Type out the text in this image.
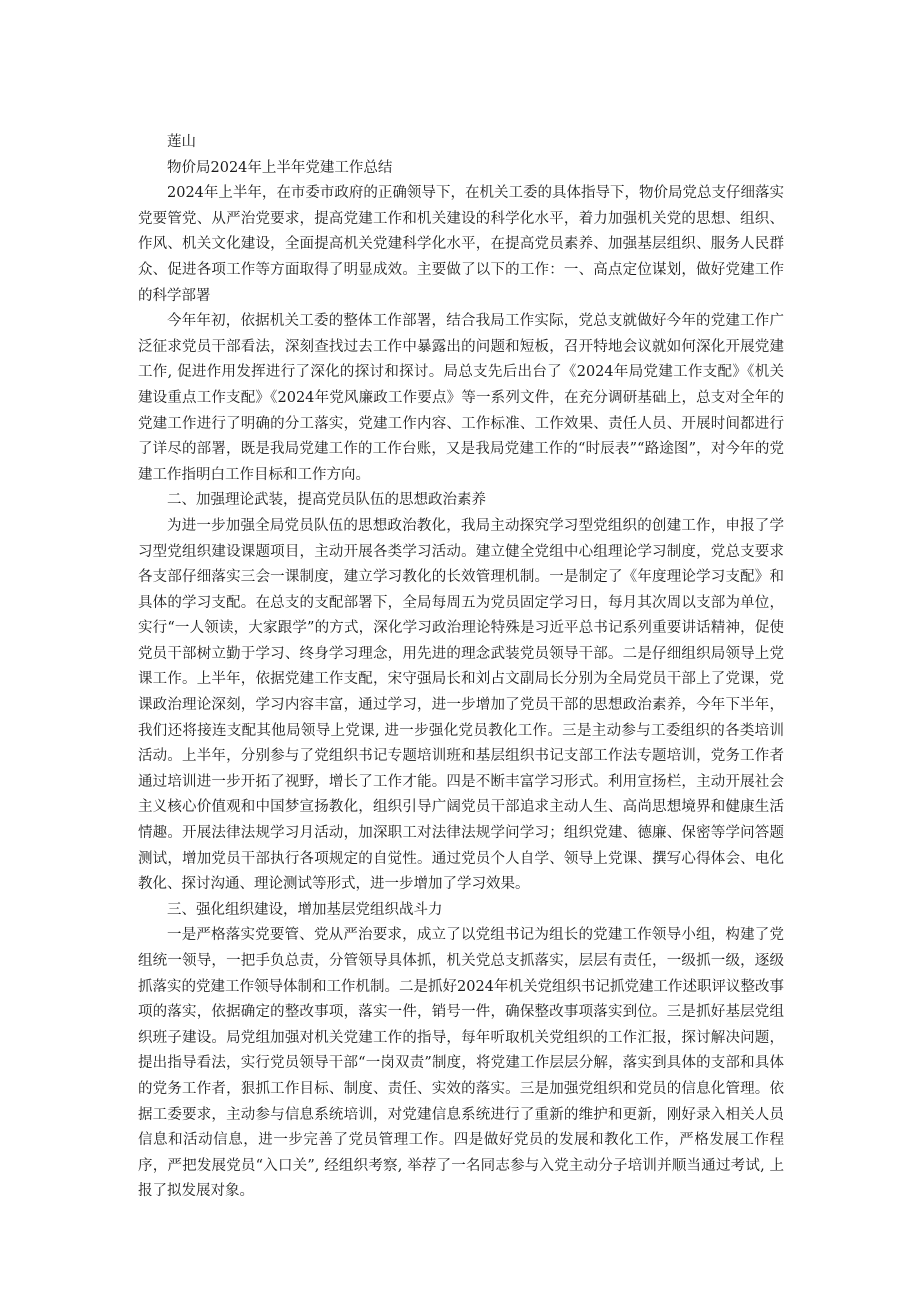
莲山

物价局2024年上半年党建工作总结

2024年上半年，在市委市政府的正确领导下，在机关工委的具体指导下，物价局党总支仔细落实党要管党、从严治党要求，提高党建工作和机关建设的科学化水平，着力加强机关党的思想、组织、作风、机关文化建设，全面提高机关党建科学化水平，在提高党员素养、加强基层组织、服务人民群众、促进各项工作等方面取得了明显成效。主要做了以下的工作：一、高点定位谋划，做好党建工作的科学部署

今年年初，依据机关工委的整体工作部署，结合我局工作实际，党总支就做好今年的党建工作广泛征求党员干部看法，深刻查找过去工作中暴露出的问题和短板，召开特地会议就如何深化开展党建工作, 促进作用发挥进行了深化的探讨和探讨。局总支先后出台了《2024年局党建工作支配》《机关建设重点工作支配》《2024年党风廉政工作要点》等一系列文件，在充分调研基础上，总支对全年的党建工作进行了明确的分工落实，党建工作内容、工作标准、工作效果、责任人员、开展时间都进行了详尽的部署，既是我局党建工作的工作台账，又是我局党建工作的“时辰表”“路途图”，对今年的党建工作指明白工作目标和工作方向。

二、加强理论武装，提高党员队伍的思想政治素养

为进一步加强全局党员队伍的思想政治教化，我局主动探究学习型党组织的创建工作，申报了学习型党组织建设课题项目，主动开展各类学习活动。建立健全党组中心组理论学习制度，党总支要求各支部仔细落实三会一课制度，建立学习教化的长效管理机制。一是制定了《年度理论学习支配》和具体的学习支配。在总支的支配部署下，全局每周五为党员固定学习日，每月其次周以支部为单位，实行“一人领读，大家跟学”的方式，深化学习政治理论特殊是习近平总书记系列重要讲话精神，促使党员干部树立勤于学习、终身学习理念，用先进的理念武装党员领导干部。二是仔细组织局领导上党课工作。上半年，依据党建工作支配，宋守强局长和刘占文副局长分别为全局党员干部上了党课，党课政治理论深刻，学习内容丰富，通过学习，进一步增加了党员干部的思想政治素养，今年下半年，我们还将接连支配其他局领导上党课, 进一步强化党员教化工作。三是主动参与工委组织的各类培训活动。上半年，分别参与了党组织书记专题培训班和基层组织书记支部工作法专题培训，党务工作者通过培训进一步开拓了视野，增长了工作才能。四是不断丰富学习形式。利用宣扬栏，主动开展社会主义核心价值观和中国梦宣扬教化，组织引导广阔党员干部追求主动人生、高尚思想境界和健康生活情趣。开展法律法规学习月活动，加深职工对法律法规学问学习；组织党建、德廉、保密等学问答题测试，增加党员干部执行各项规定的自觉性。通过党员个人自学、领导上党课、撰写心得体会、电化教化、探讨沟通、理论测试等形式，进一步增加了学习效果。

三、强化组织建设，增加基层党组织战斗力

一是严格落实党要管、党从严治要求，成立了以党组书记为组长的党建工作领导小组，构建了党组统一领导，一把手负总责，分管领导具体抓，机关党总支抓落实，层层有责任，一级抓一级，逐级抓落实的党建工作领导体制和工作机制。二是抓好2024年机关党组织书记抓党建工作述职评议整改事项的落实，依据确定的整改事项，落实一件，销号一件，确保整改事项落实到位。三是抓好基层党组织班子建设。局党组加强对机关党建工作的指导，每年听取机关党组织的工作汇报，探讨解决问题，提出指导看法，实行党员领导干部“一岗双责”制度，将党建工作层层分解，落实到具体的支部和具体的党务工作者，狠抓工作目标、制度、责任、实效的落实。三是加强党组织和党员的信息化管理。依据工委要求，主动参与信息系统培训，对党建信息系统进行了重新的维护和更新，刚好录入相关人员信息和活动信息，进一步完善了党员管理工作。四是做好党员的发展和教化工作，严格发展工作程序，严把发展党员“入口关”, 经组织考察, 举荐了一名同志参与入党主动分子培训并顺当通过考试, 上报了拟发展对象。
